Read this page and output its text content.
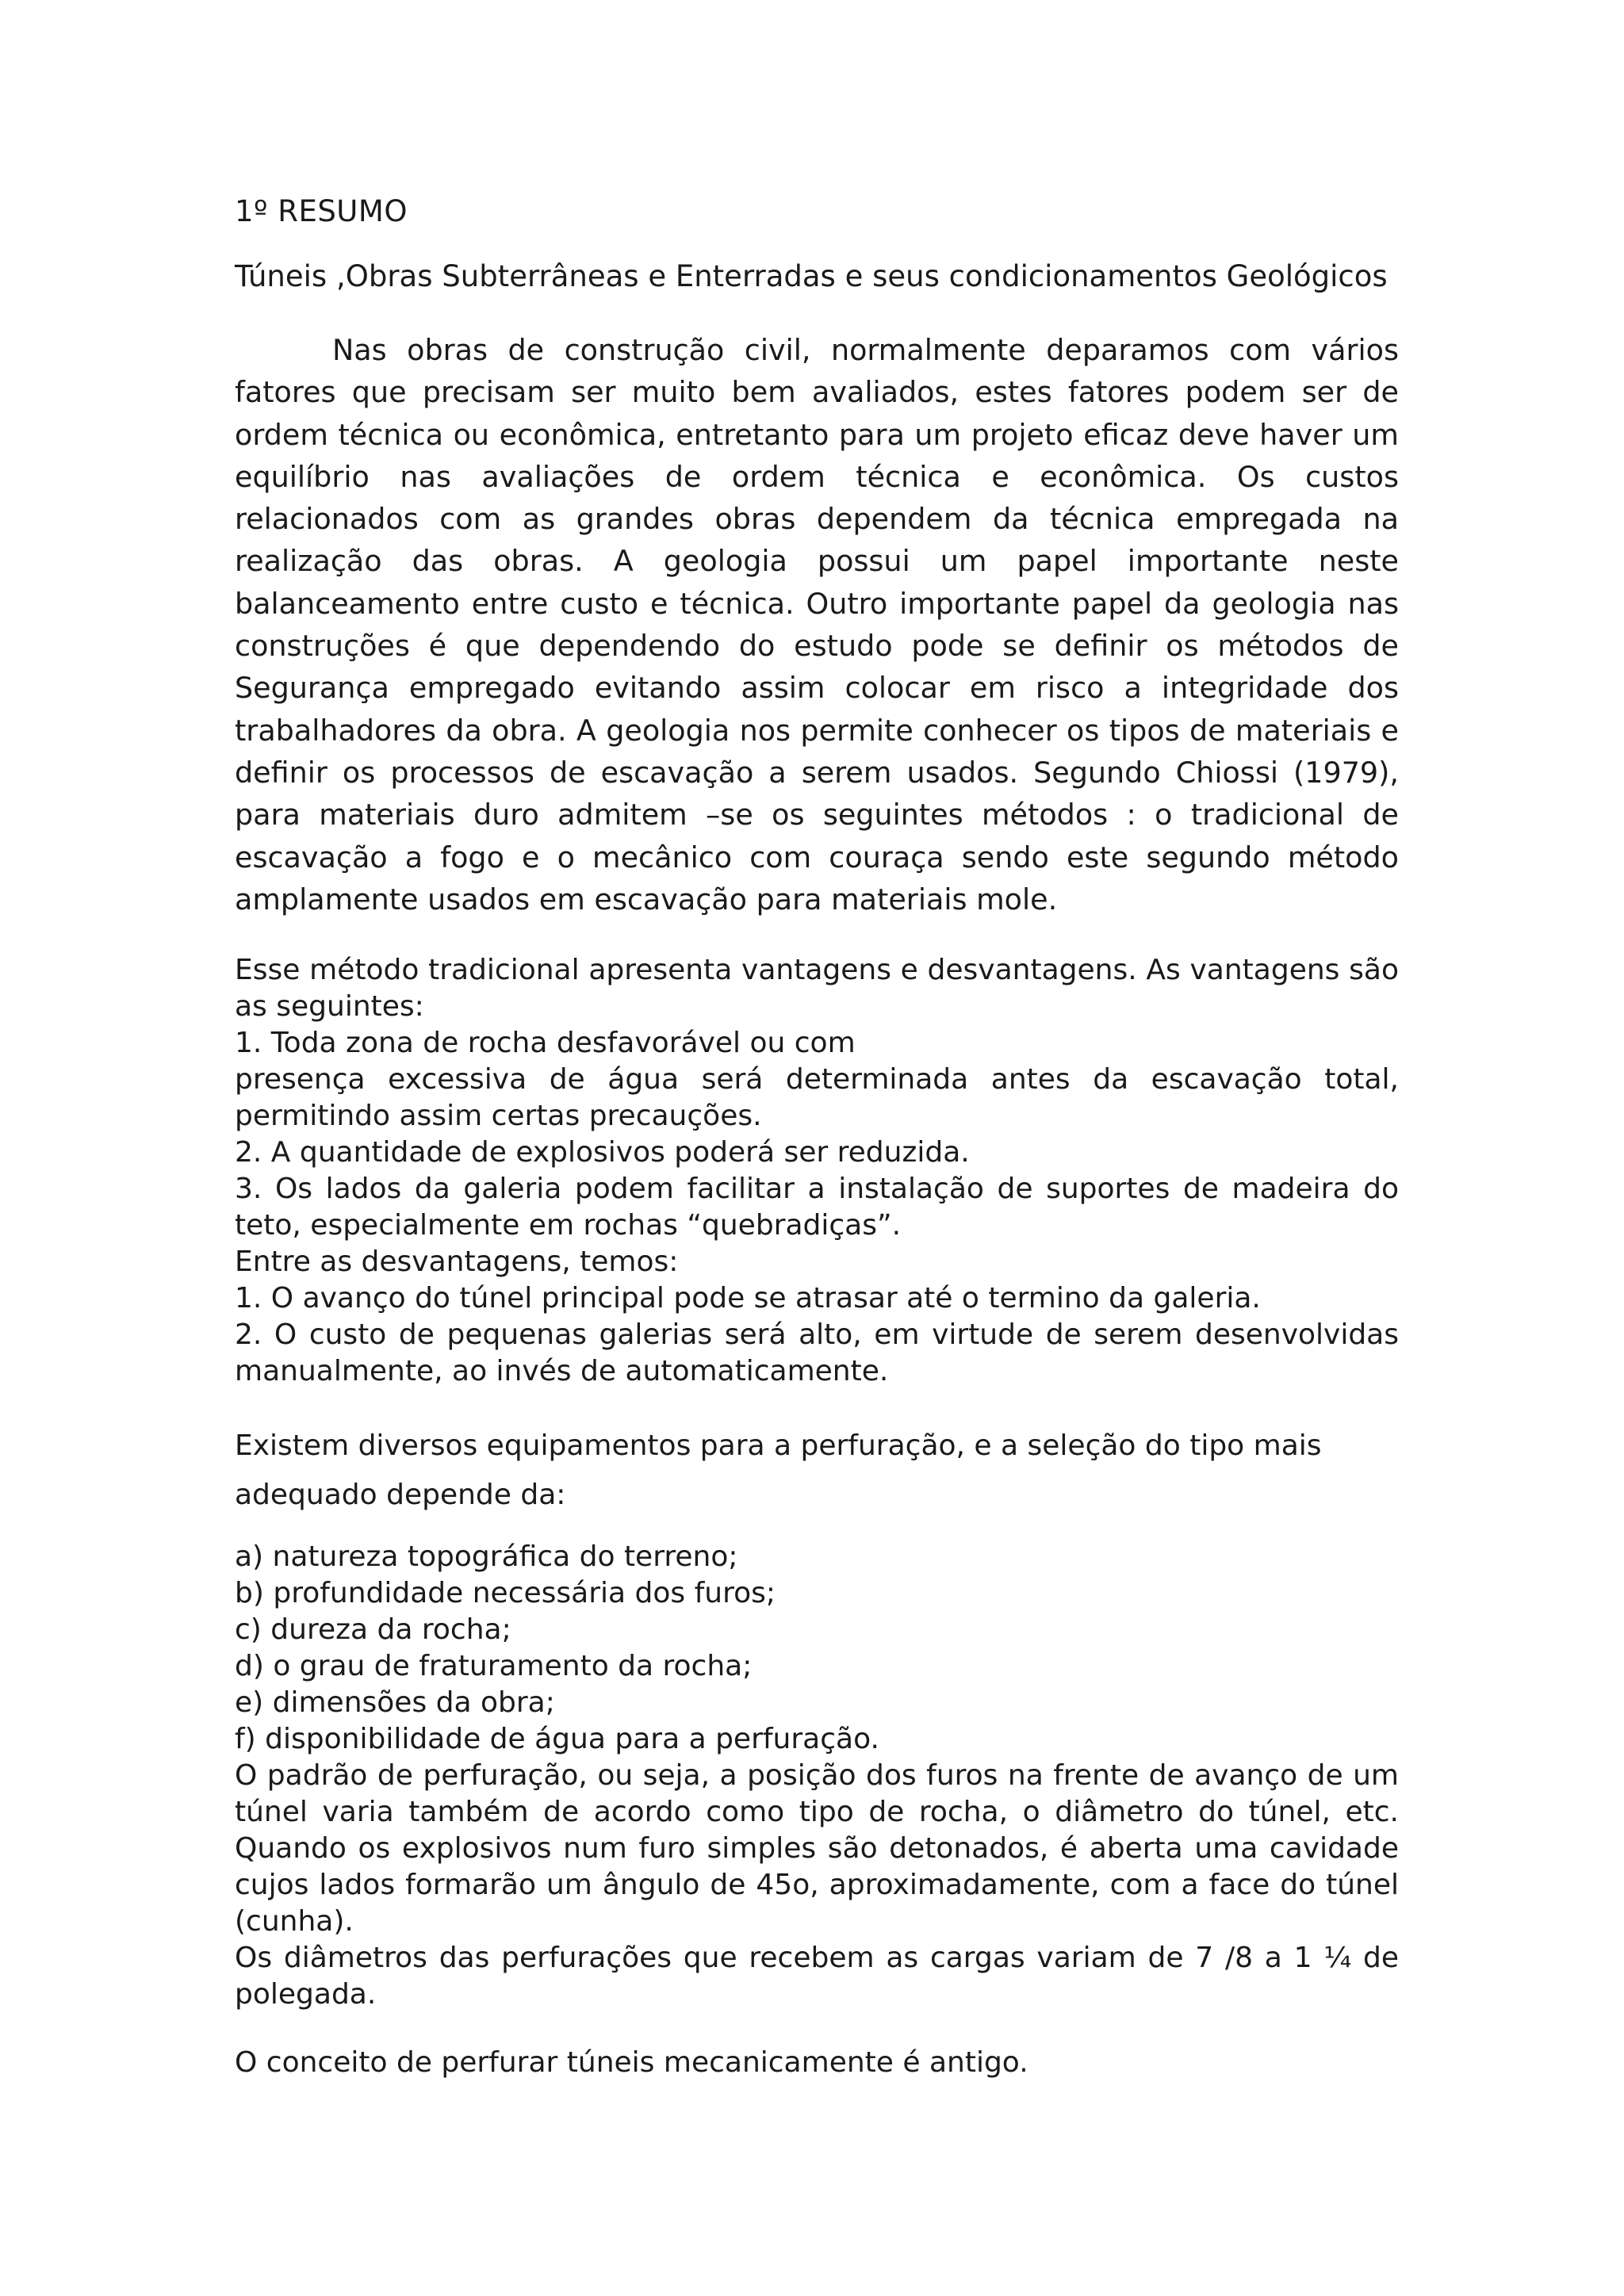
1º RESUMO

Túneis ,Obras Subterrâneas e Enterradas e seus condicionamentos Geológicos

Nas obras de construção civil, normalmente deparamos com vários fatores que precisam ser muito bem avaliados, estes fatores podem ser de ordem técnica ou econômica, entretanto para um projeto eficaz deve haver um equilíbrio nas avaliações de ordem técnica e econômica. Os custos relacionados com as grandes obras dependem da técnica empregada na realização das obras. A geologia possui um papel importante neste balanceamento entre custo e técnica. Outro importante papel da geologia nas construções é que dependendo do estudo pode se definir os métodos de Segurança empregado evitando assim colocar em risco a integridade dos trabalhadores da obra. A geologia nos permite conhecer os tipos de materiais e definir os processos de escavação a serem usados. Segundo Chiossi (1979), para materiais duro admitem –se os seguintes métodos : o tradicional de escavação a fogo e o mecânico com couraça sendo este segundo método amplamente usados em escavação para materiais mole.

Esse método tradicional apresenta vantagens e desvantagens. As vantagens são as seguintes:

1. Toda zona de rocha desfavorável ou com

presença excessiva de água será determinada antes da escavação total, permitindo assim certas precauções.

2. A quantidade de explosivos poderá ser reduzida.

3. Os lados da galeria podem facilitar a instalação de suportes de madeira do teto, especialmente em rochas “quebradiças”.

Entre as desvantagens, temos:

1. O avanço do túnel principal pode se atrasar até o termino da galeria.

2. O custo de pequenas galerias será alto, em virtude de serem desenvolvidas manualmente, ao invés de automaticamente.

Existem diversos equipamentos para a perfuração, e a seleção do tipo mais adequado depende da:

a) natureza topográfica do terreno;
b) profundidade necessária dos furos;
c) dureza da rocha;
d) o grau de fraturamento da rocha;
e) dimensões da obra;
f) disponibilidade de água para a perfuração.

O padrão de perfuração, ou seja, a posição dos furos na frente de avanço de um túnel varia também de acordo como tipo de rocha, o diâmetro do túnel, etc. Quando os explosivos num furo simples são detonados, é aberta uma cavidade cujos lados formarão um ângulo de 45o, aproximadamente, com a face do túnel (cunha).

Os diâmetros das perfurações que recebem as cargas variam de 7 /8 a 1 ¼ de polegada.

O conceito de perfurar túneis mecanicamente é antigo.
